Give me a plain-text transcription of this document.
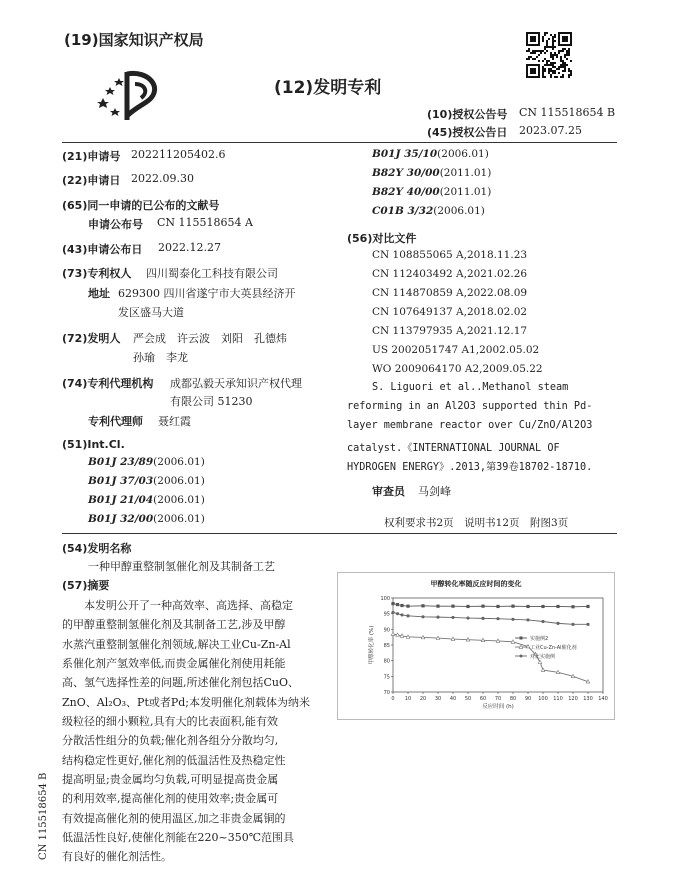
(19)国家知识产权局
(12)发明专利
(10)授权公告号 CN 115518654 B
(45)授权公告日 2023.07.25
(21)申请号 202211205402.6
(22)申请日 2022.09.30
(65)同一申请的已公布的文献号
申请公布号 CN 115518654 A
(43)申请公布日 2022.12.27
(73)专利权人 四川蜀泰化工科技有限公司
地址 629300 四川省遂宁市大英县经济开
发区盛马大道
(72)发明人 严会成　许云波　刘阳　孔德炜
孙瑜　李龙
(74)专利代理机构 成都弘毅天承知识产权代理
有限公司 51230
专利代理师 聂红霞
(51)Int.Cl.
B01J 23/89(2006.01)
B01J 37/03(2006.01)
B01J 21/04(2006.01)
B01J 32/00(2006.01)
B01J 35/10(2006.01)
B82Y 30/00(2011.01)
B82Y 40/00(2011.01)
C01B 3/32(2006.01)
(56)对比文件
CN 108855065 A,2018.11.23
CN 112403492 A,2021.02.26
CN 114870859 A,2022.08.09
CN 107649137 A,2018.02.02
CN 113797935 A,2021.12.17
US 2002051747 A1,2002.05.02
WO 2009064170 A2,2009.05.22
S. Liguori et al..Methanol steam
reforming in an Al2O3 supported thin Pd-
layer membrane reactor over Cu/ZnO/Al2O3
catalyst.《INTERNATIONAL JOURNAL OF
HYDROGEN ENERGY》.2013,第39卷18702-18710.
审查员 马剑峰
权利要求书2页　说明书12页　附图3页
(54)发明名称
一种甲醇重整制氢催化剂及其制备工艺
(57)摘要
　　本发明公开了一种高效率、高选择、高稳定
的甲醇重整制氢催化剂及其制备工艺,涉及甲醇
水蒸汽重整制氢催化剂领域,解决工业Cu-Zn-Al
系催化剂产氢效率低,而贵金属催化剂使用耗能
高、氢气选择性差的问题,所述催化剂包括CuO、
ZnO、Al₂O₃、Pt或者Pd;本发明催化剂载体为纳米
级粒径的细小颗粒,具有大的比表面积,能有效
分散活性组分的负载;催化剂各组分分散均匀,
结构稳定性更好,催化剂的低温活性及热稳定性
提高明显;贵金属均匀负载,可明显提高贵金属
的利用效率,提高催化剂的使用效率;贵金属可
有效提高催化剂的使用温区,加之非贵金属铜的
低温活性良好,使催化剂能在220~350℃范围具
有良好的催化剂活性。
CN 115518654 B
甲醇转化率随反应时间的变化
70
75
80
85
90
95
100
0 10 20 30 40 50 60 70 80 90 100 110 120 130 140
反应时间 (h)
甲醇转化率 (%)	实施例2
工业Cu-Zn-Al催化剂
对比实施例
